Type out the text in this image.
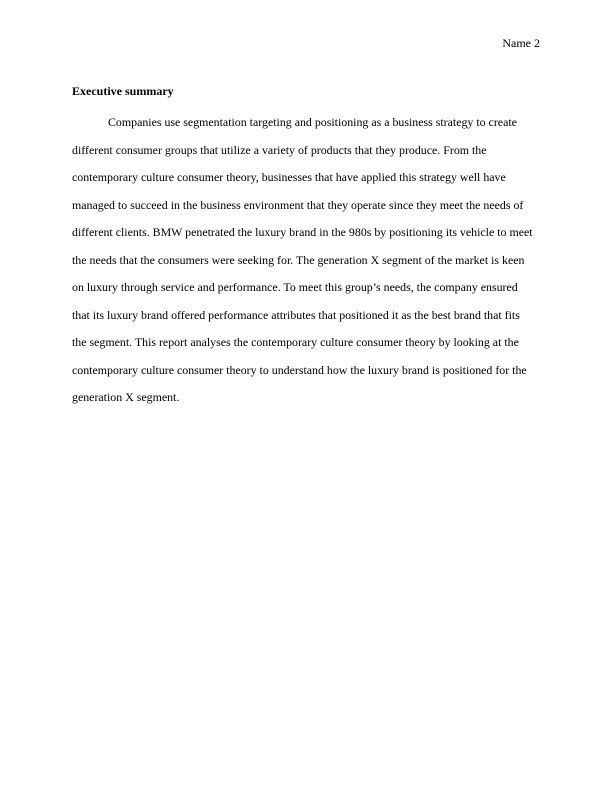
Name 2
Executive summary
Companies use segmentation targeting and positioning as a business strategy to create
different consumer groups that utilize a variety of products that they produce. From the
contemporary culture consumer theory, businesses that have applied this strategy well have
managed to succeed in the business environment that they operate since they meet the needs of
different clients. BMW penetrated the luxury brand in the 980s by positioning its vehicle to meet
the needs that the consumers were seeking for. The generation X segment of the market is keen
on luxury through service and performance. To meet this group’s needs, the company ensured
that its luxury brand offered performance attributes that positioned it as the best brand that fits
the segment. This report analyses the contemporary culture consumer theory by looking at the
contemporary culture consumer theory to understand how the luxury brand is positioned for the
generation X segment.
